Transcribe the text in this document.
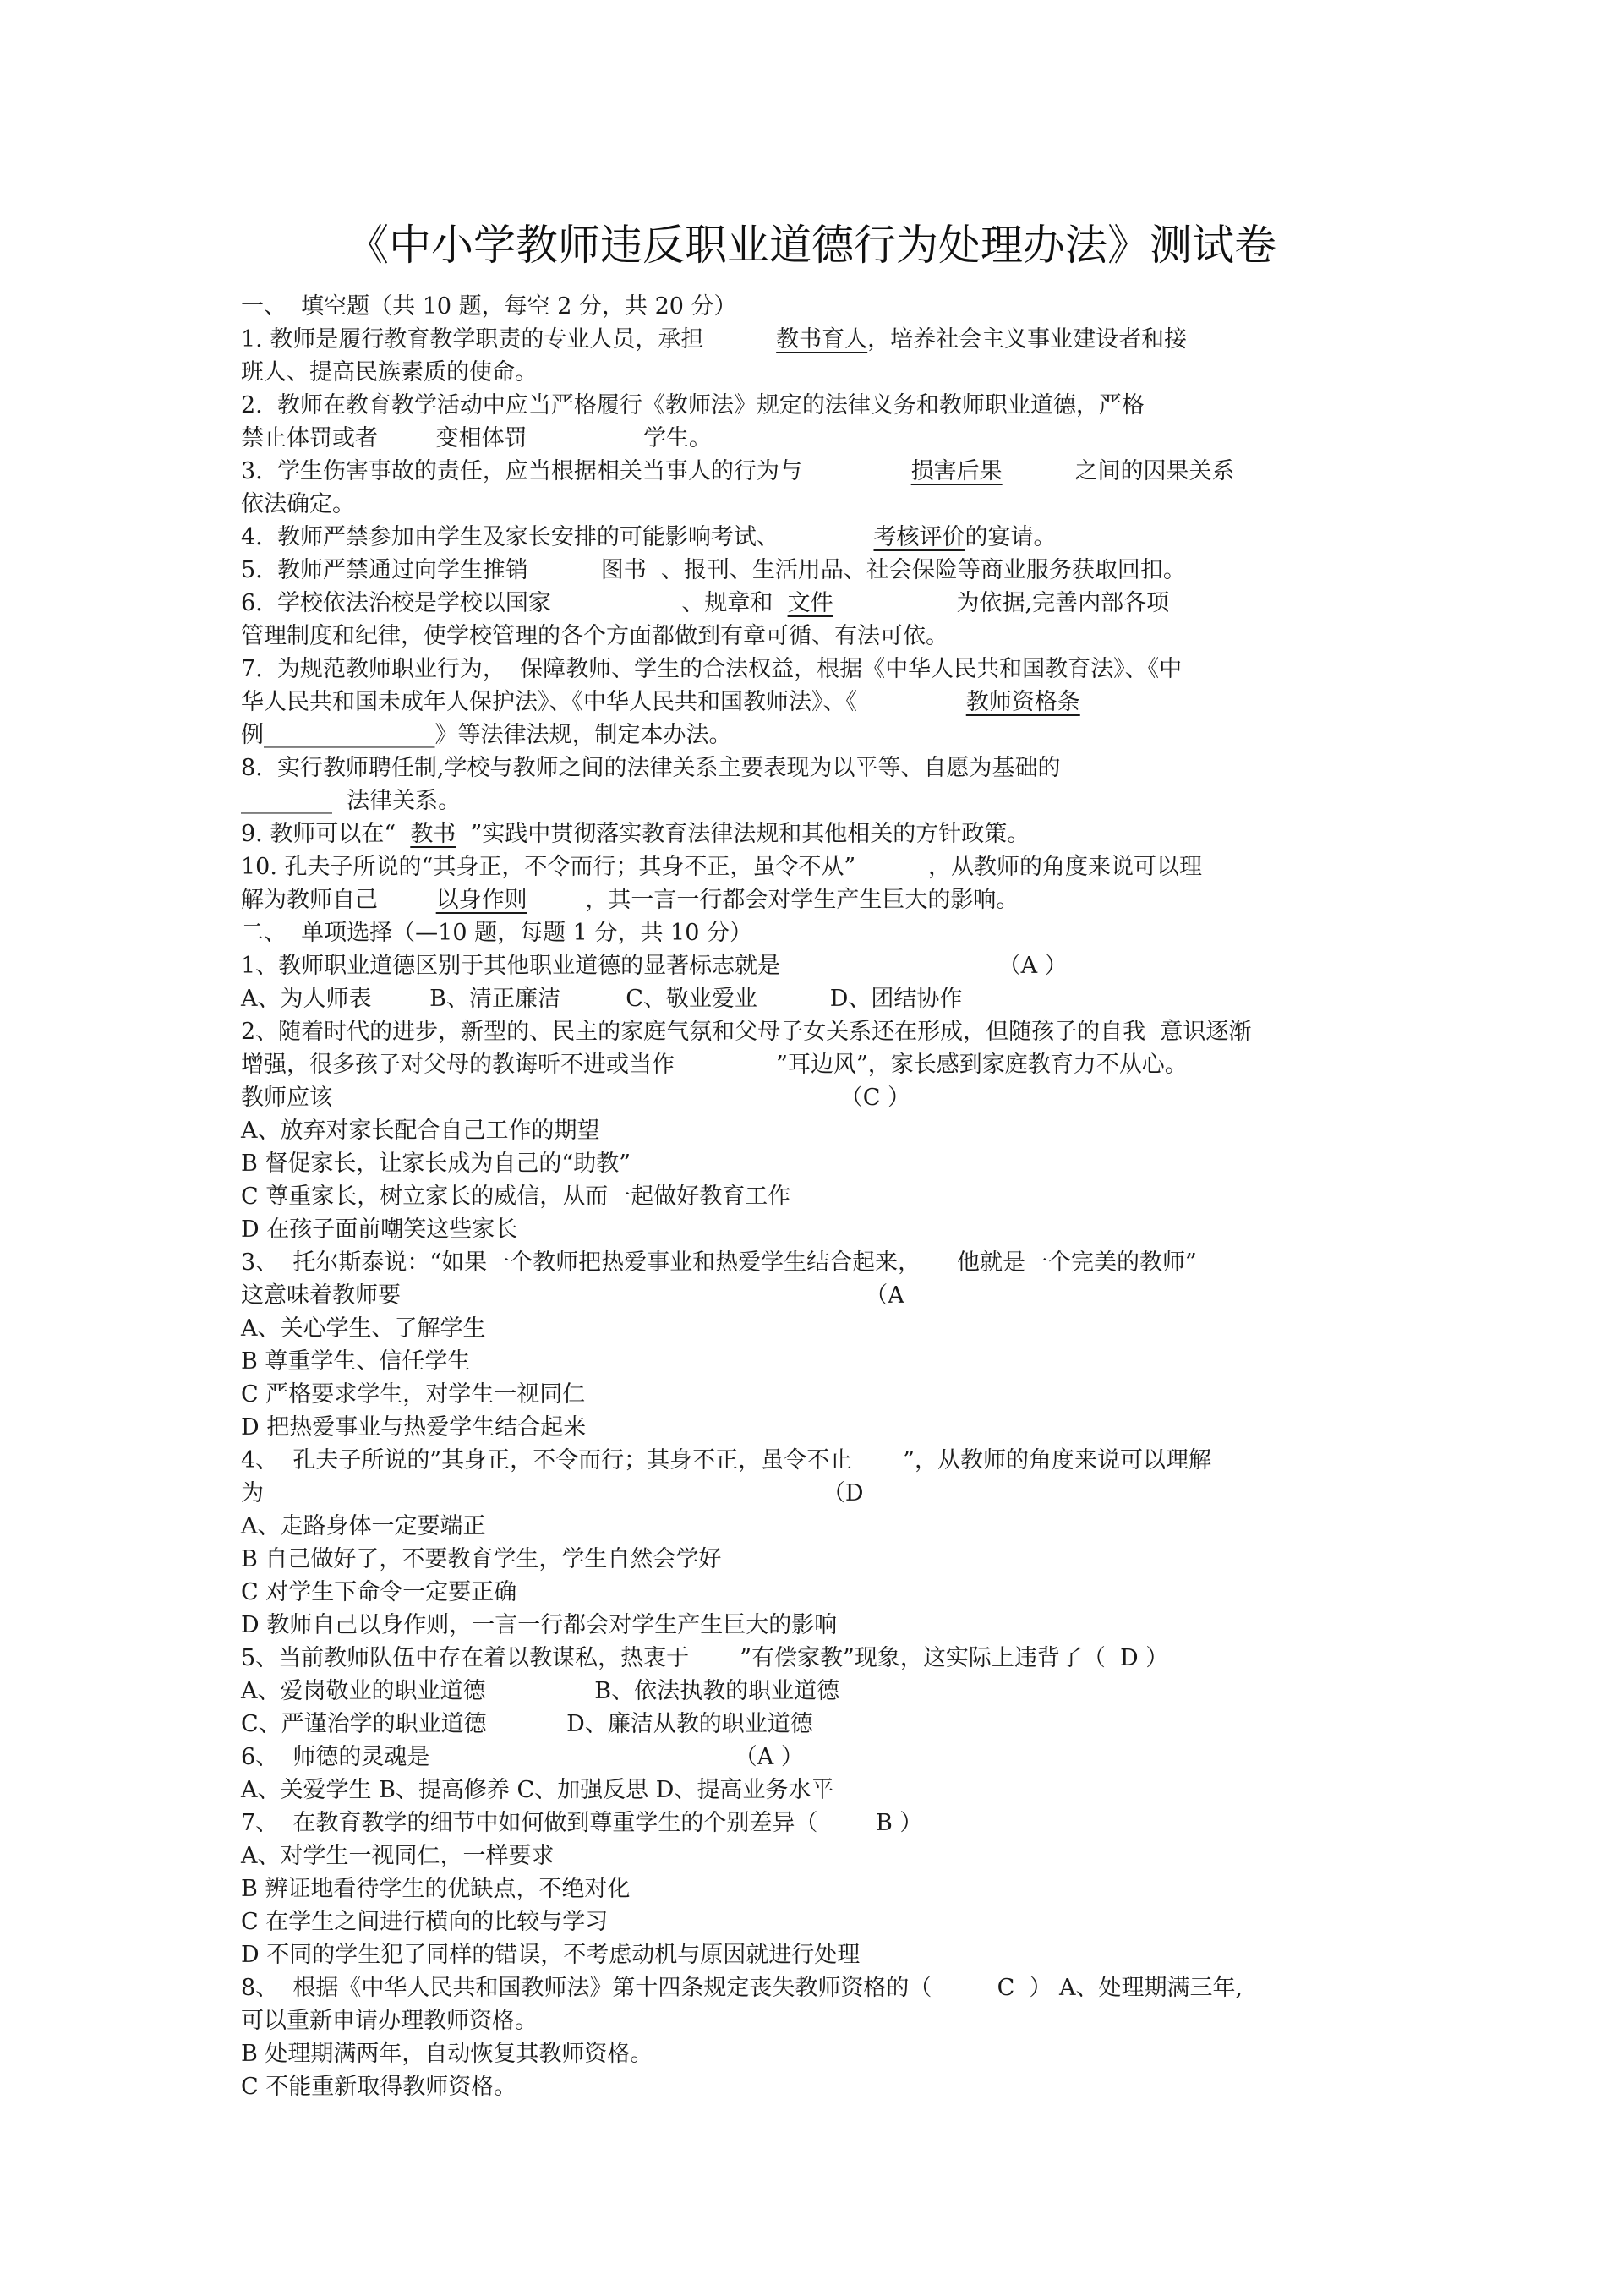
《中小学教师违反职业道德行为处理办法》测试卷
一、  填空题（共 10 题，每空 2 分，共 20 分）
1. 教师是履行教育教学职责的专业人员，承担          教书育人，培养社会主义事业建设者和接
班人、提高民族素质的使命。
2.  教师在教育教学活动中应当严格履行《教师法》规定的法律义务和教师职业道德，严格
禁止体罚或者        变相体罚                学生。
3.  学生伤害事故的责任，应当根据相关当事人的行为与               损害后果          之间的因果关系
依法确定。
4.  教师严禁参加由学生及家长安排的可能影响考试、             考核评价的宴请。
5.  教师严禁通过向学生推销          图书  、报刊、生活用品、社会保险等商业服务获取回扣。
6.  学校依法治校是学校以国家                  、规章和  文件                 为依据,完善内部各项
管理制度和纪律，使学校管理的各个方面都做到有章可循、有法可依。
7.  为规范教师职业行为，  保障教师、学生的合法权益，根据《中华人民共和国教育法》、《中
华人民共和国未成年人保护法》、《中华人民共和国教师法》、《               教师资格条
例_______________》等法律法规，制定本办法。
8.  实行教师聘任制,学校与教师之间的法律关系主要表现为以平等、自愿为基础的
________  法律关系。
9. 教师可以在“  教书  ”实践中贯彻落实教育法律法规和其他相关的方针政策。
10. 孔夫子所说的“其身正，不令而行；其身不正，虽令不从”          ，从教师的角度来说可以理
解为教师自己        以身作则        ，其一言一行都会对学生产生巨大的影响。
二、  单项选择（—10 题，每题 1 分，共 10 分）
1、教师职业道德区别于其他职业道德的显著标志就是                              （A ）
A、为人师表        B、清正廉洁         C、敬业爱业          D、团结协作
2、随着时代的进步，新型的、民主的家庭气氛和父母子女关系还在形成，但随孩子的自我  意识逐渐
增强，很多孩子对父母的教诲听不进或当作              ”耳边风”，家长感到家庭教育力不从心。
教师应该                                                                      （C ）
A、放弃对家长配合自己工作的期望
B 督促家长，让家长成为自己的“助教”
C 尊重家长，树立家长的威信，从而一起做好教育工作
D 在孩子面前嘲笑这些家长
3、  托尔斯泰说：“如果一个教师把热爱事业和热爱学生结合起来，     他就是一个完美的教师”
这意味着教师要                                                                （A
A、关心学生、了解学生
B 尊重学生、信任学生
C 严格要求学生，对学生一视同仁
D 把热爱事业与热爱学生结合起来
4、  孔夫子所说的”其身正，不令而行；其身不正，虽令不止       ”，从教师的角度来说可以理解
为                                                                             （D
A、走路身体一定要端正
B 自己做好了，不要教育学生，学生自然会学好
C 对学生下命令一定要正确
D 教师自己以身作则，一言一行都会对学生产生巨大的影响
5、当前教师队伍中存在着以教谋私，热衷于       ”有偿家教”现象，这实际上违背了（  D ）
A、爱岗敬业的职业道德               B、依法执教的职业道德
C、严谨治学的职业道德           D、廉洁从教的职业道德
6、  师德的灵魂是                                          （A ）
A、关爱学生 B、提高修养 C、加强反思 D、提高业务水平
7、  在教育教学的细节中如何做到尊重学生的个别差异（        B ）
A、对学生一视同仁，一样要求
B 辨证地看待学生的优缺点，不绝对化
C 在学生之间进行横向的比较与学习
D 不同的学生犯了同样的错误，不考虑动机与原因就进行处理
8、  根据《中华人民共和国教师法》第十四条规定丧失教师资格的（         C  ） A、处理期满三年,
可以重新申请办理教师资格。
B 处理期满两年，自动恢复其教师资格。
C 不能重新取得教师资格。
